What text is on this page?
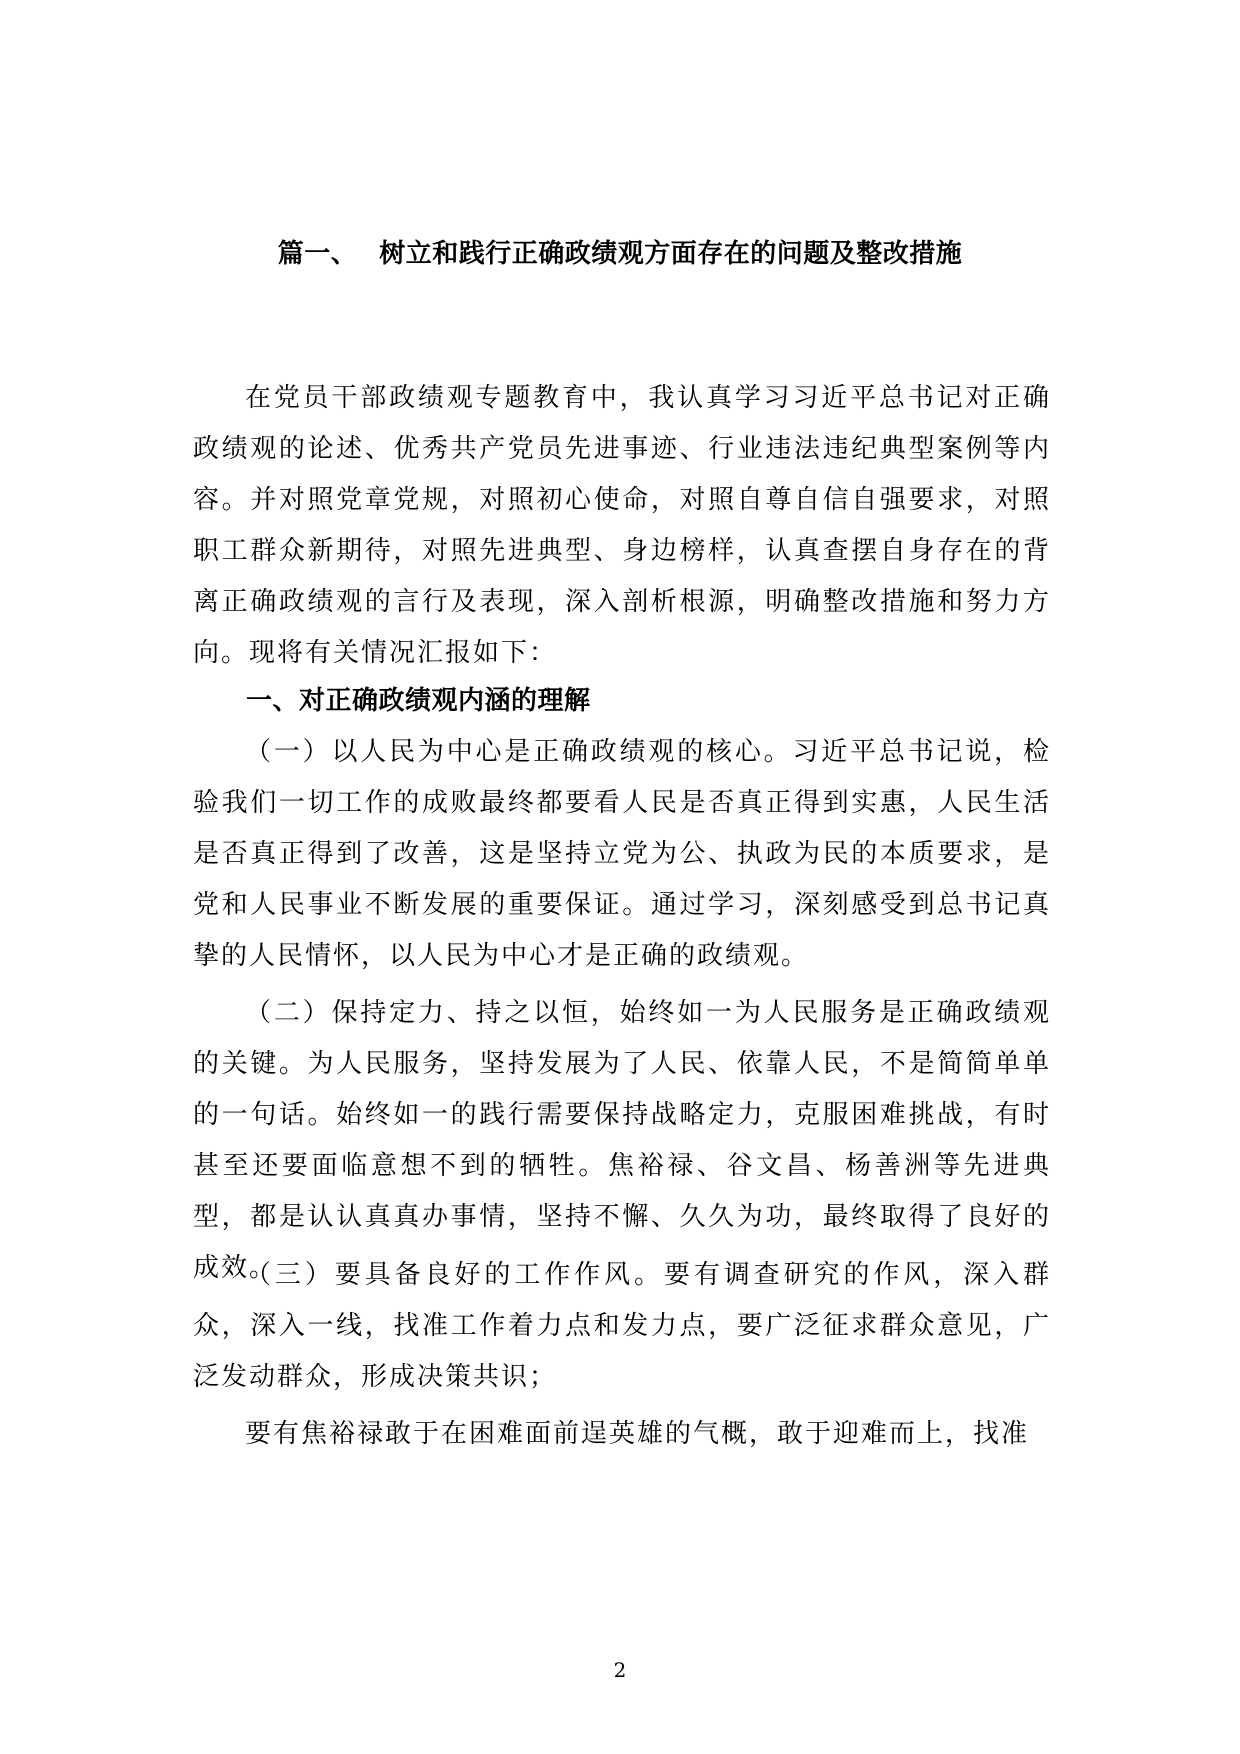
篇一、 树立和践行正确政绩观方面存在的问题及整改措施

在党员干部政绩观专题教育中，我认真学习习近平总书记对正确政绩观的论述、优秀共产党员先进事迹、行业违法违纪典型案例等内容。并对照党章党规，对照初心使命，对照自尊自信自强要求，对照职工群众新期待，对照先进典型、身边榜样，认真查摆自身存在的背离正确政绩观的言行及表现，深入剖析根源，明确整改措施和努力方向。现将有关情况汇报如下：

一、对正确政绩观内涵的理解

（一）以人民为中心是正确政绩观的核心。习近平总书记说，检验我们一切工作的成败最终都要看人民是否真正得到实惠，人民生活是否真正得到了改善，这是坚持立党为公、执政为民的本质要求，是党和人民事业不断发展的重要保证。通过学习，深刻感受到总书记真挚的人民情怀，以人民为中心才是正确的政绩观。

（二）保持定力、持之以恒，始终如一为人民服务是正确政绩观的关键。为人民服务，坚持发展为了人民、依靠人民，不是简简单单的一句话。始终如一的践行需要保持战略定力，克服困难挑战，有时甚至还要面临意想不到的牺牲。焦裕禄、谷文昌、杨善洲等先进典型，都是认认真真办事情，坚持不懈、久久为功，最终取得了良好的成效。

（三）要具备良好的工作作风。要有调查研究的作风，深入群众，深入一线，找准工作着力点和发力点，要广泛征求群众意见，广泛发动群众，形成决策共识；

要有焦裕禄敢于在困难面前逞英雄的气概，敢于迎难而上，找准

2
